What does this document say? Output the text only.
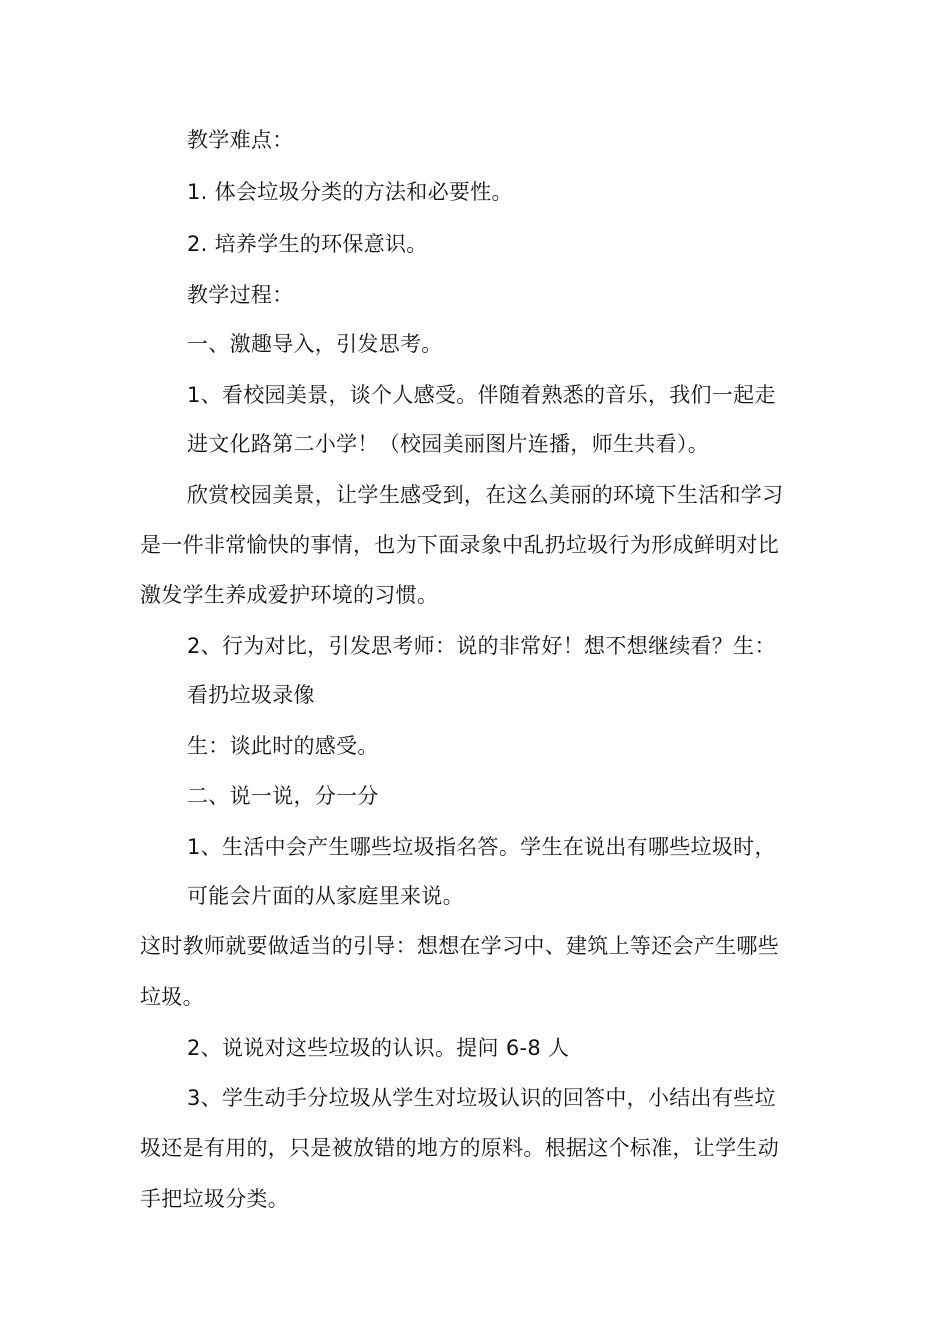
教学难点：
1. 体会垃圾分类的方法和必要性。
2. 培养学生的环保意识。
教学过程：
一、激趣导入，引发思考。
1、看校园美景，谈个人感受。伴随着熟悉的音乐，我们一起走
进文化路第二小学！（校园美丽图片连播，师生共看）。
欣赏校园美景，让学生感受到，在这么美丽的环境下生活和学习
是一件非常愉快的事情，也为下面录象中乱扔垃圾行为形成鲜明对比
激发学生养成爱护环境的习惯。
2、行为对比，引发思考师：说的非常好！想不想继续看？生：
看扔垃圾录像
生：谈此时的感受。
二、说一说，分一分
1、生活中会产生哪些垃圾指名答。学生在说出有哪些垃圾时，
可能会片面的从家庭里来说。
这时教师就要做适当的引导：想想在学习中、建筑上等还会产生哪些
垃圾。
2、说说对这些垃圾的认识。提问 6-8 人
3、学生动手分垃圾从学生对垃圾认识的回答中，小结出有些垃
圾还是有用的，只是被放错的地方的原料。根据这个标准，让学生动
手把垃圾分类。
